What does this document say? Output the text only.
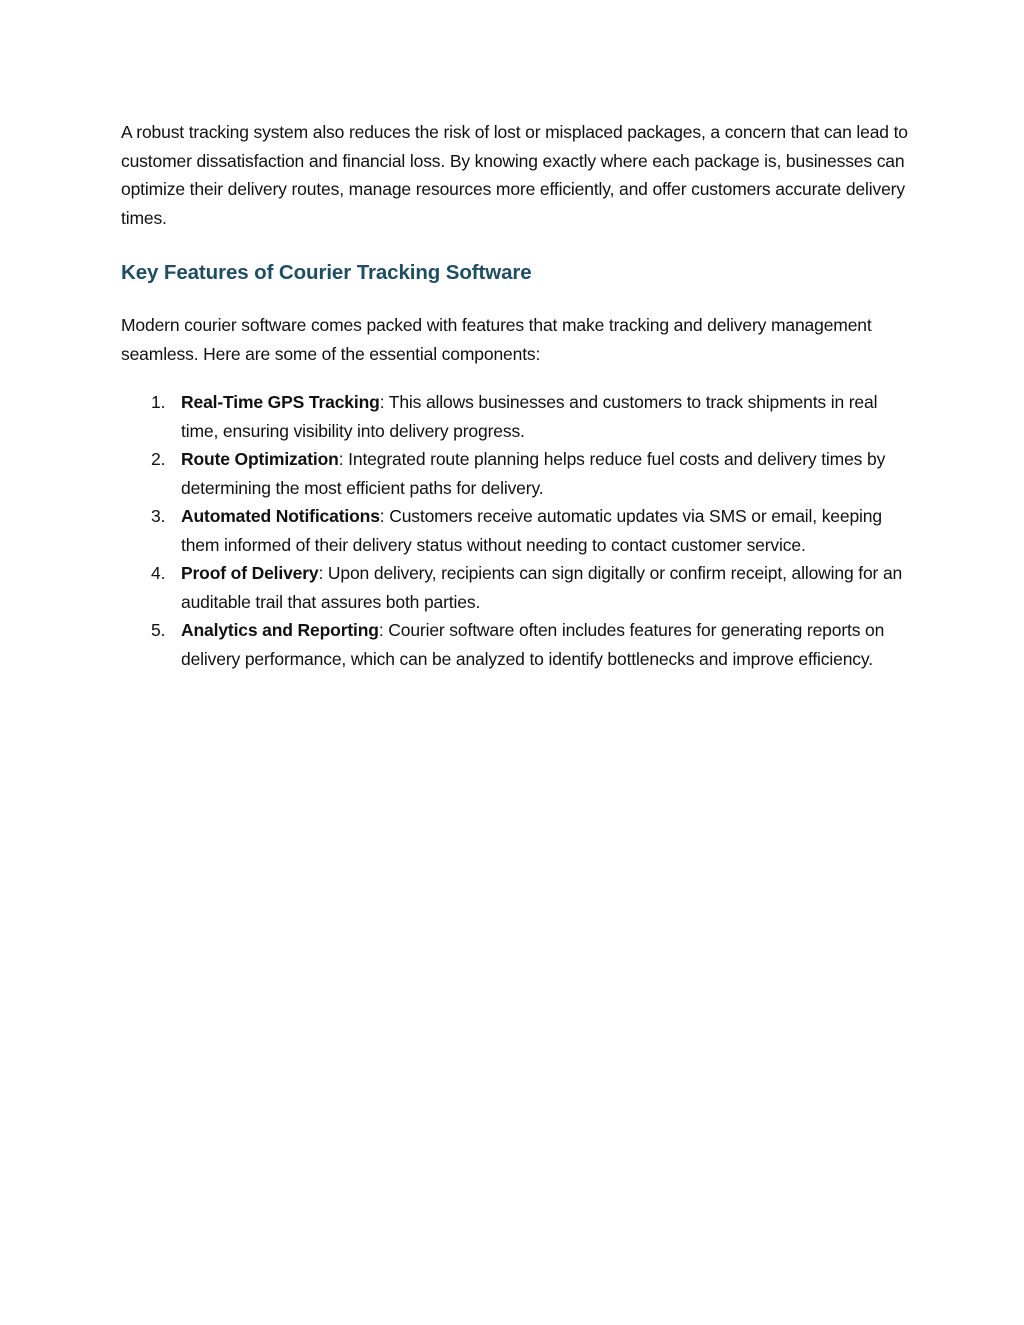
A robust tracking system also reduces the risk of lost or misplaced packages, a concern that can lead to customer dissatisfaction and financial loss. By knowing exactly where each package is, businesses can optimize their delivery routes, manage resources more efficiently, and offer customers accurate delivery times.

Key Features of Courier Tracking Software

Modern courier software comes packed with features that make tracking and delivery management seamless. Here are some of the essential components:

1. Real-Time GPS Tracking: This allows businesses and customers to track shipments in real time, ensuring visibility into delivery progress.
2. Route Optimization: Integrated route planning helps reduce fuel costs and delivery times by determining the most efficient paths for delivery.
3. Automated Notifications: Customers receive automatic updates via SMS or email, keeping them informed of their delivery status without needing to contact customer service.
4. Proof of Delivery: Upon delivery, recipients can sign digitally or confirm receipt, allowing for an auditable trail that assures both parties.
5. Analytics and Reporting: Courier software often includes features for generating reports on delivery performance, which can be analyzed to identify bottlenecks and improve efficiency.
